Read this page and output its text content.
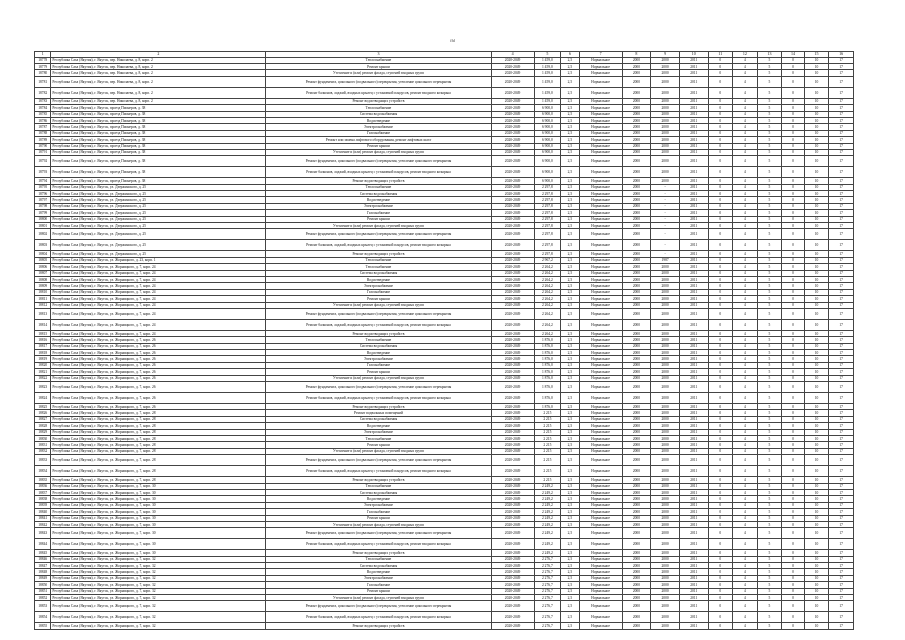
ffd
1	2	3	4	5	6	7	8	9	10	11	12	13	14	15	16
18778	Республика Саха (Якутия), г. Якутск, пер. Николаева, д. 8, корп. 2	Теплоснабжение	2020-2049	1 459,0	2,5	Нормальное	2000	2000	2011	0	4	5	0	10	17
18779	Республика Саха (Якутия), г. Якутск, пер. Николаева, д. 8, корп. 2	Ремонт крыши	2020-2049	1 459,0	2,5	Нормальное	2000	2000	2011	0	4	5	0	10	17
18780	Республика Саха (Якутия), г. Якутск, пер. Николаева, д. 8, корп. 2	Утепление и (или) ремонт фасада, ступеней входных групп	2020-2049	1 459,0	2,5	Нормальное	2000	2000	2011	0	4	5	0	10	17
18781	Республика Саха (Якутия), г. Якутск, пер. Николаева, д. 8, корп. 2	Ремонт фундамента, цокольного (подвального) перекрытия, утепление цокольного перекрытия	2020-2049	1 459,0	2,5	Нормальное	2000	2000	2011	0	4	5	0	10	17
18782	Республика Саха (Якутия), г. Якутск, пер. Николаева, д. 8, корп. 2	Ремонт балконов, лоджий, входных крылец с установкой пандусов, ремонт входного козырька	2020-2049	1 459,0	2,5	Нормальное	2000	2000	2011	0	4	5	0	10	17
18783	Республика Саха (Якутия), г. Якутск, пер. Николаева, д. 8, корп. 2	Ремонт водоотводящих устройств	2020-2049	1 459,0	2,5	Нормальное	2000	2000	2011	0	4	5	0	10	17
18784	Республика Саха (Якутия), г. Якутск, проезд Пионеров, д. 38	Теплоснабжение	2020-2049	6 900,0	2,5	Нормальное	2000	2000	2011	0	4	5	0	10	17
18785	Республика Саха (Якутия), г. Якутск, проезд Пионеров, д. 38	Система водоснабжения	2020-2049	6 900,0	2,5	Нормальное	2000	2000	2011	0	4	5	0	10	17
18786	Республика Саха (Якутия), г. Якутск, проезд Пионеров, д. 38	Водоотведение	2020-2049	6 900,0	2,5	Нормальное	2000	2000	2011	0	4	5	0	10	17
18787	Республика Саха (Якутия), г. Якутск, проезд Пионеров, д. 38	Электроснабжение	2020-2049	6 900,0	2,5	Нормальное	2000	2000	2011	0	4	5	0	10	17
18788	Республика Саха (Якутия), г. Якутск, проезд Пионеров, д. 38	Газоснабжение	2020-2049	6 900,0	2,5	Нормальное	2000	2000	2011	0	4	5	0	10	17
18789	Республика Саха (Якутия), г. Якутск, проезд Пионеров, д. 38	Ремонт или замена лифтового оборудования, ремонт лифтовых шахт	2020-2049	6 900,0	2,5	Нормальное	2000	2000	2011	0	4	5	0	10	17
18790	Республика Саха (Якутия), г. Якутск, проезд Пионеров, д. 38	Ремонт крыши	2020-2049	6 900,0	2,5	Нормальное	2000	2000	2011	0	4	5	0	10	17
18791	Республика Саха (Якутия), г. Якутск, проезд Пионеров, д. 38	Утепление и (или) ремонт фасада, ступеней входных групп	2020-2049	6 900,0	2,5	Нормальное	2000	2000	2011	0	4	5	0	10	17
18792	Республика Саха (Якутия), г. Якутск, проезд Пионеров, д. 38	Ремонт фундамента, цокольного (подвального) перекрытия, утепление цокольного перекрытия	2020-2049	6 900,0	2,5	Нормальное	2000	2000	2011	0	4	5	0	10	17
18793	Республика Саха (Якутия), г. Якутск, проезд Пионеров, д. 38	Ремонт балконов, лоджий, входных крылец с установкой пандусов, ремонт входного козырька	2020-2049	6 900,0	2,5	Нормальное	2000	2000	2011	0	4	5	0	10	17
18794	Республика Саха (Якутия), г. Якутск, проезд Пионеров, д. 38	Ремонт водоотводящих устройств	2020-2049	6 900,0	2,5	Нормальное	2000	2000	2011	0	4	5	0	10	17
18795	Республика Саха (Якутия), г. Якутск, ул. Дзержинского, д. 25	Теплоснабжение	2020-2049	2 297,8	2,5	Нормальное	2000	-	2011	0	4	5	0	10	17
18796	Республика Саха (Якутия), г. Якутск, ул. Дзержинского, д. 25	Система водоснабжения	2020-2049	2 297,8	2,5	Нормальное	2000	-	2011	0	4	5	0	10	17
18797	Республика Саха (Якутия), г. Якутск, ул. Дзержинского, д. 25	Водоотведение	2020-2049	2 297,8	2,5	Нормальное	2000	-	2011	0	4	5	0	10	17
18798	Республика Саха (Якутия), г. Якутск, ул. Дзержинского, д. 25	Электроснабжение	2020-2049	2 297,8	2,5	Нормальное	2000	-	2011	0	4	5	0	10	17
18799	Республика Саха (Якутия), г. Якутск, ул. Дзержинского, д. 25	Газоснабжение	2020-2049	2 297,8	2,5	Нормальное	2000	-	2011	0	4	5	0	10	17
18800	Республика Саха (Якутия), г. Якутск, ул. Дзержинского, д. 25	Ремонт крыши	2020-2049	2 297,8	2,5	Нормальное	2000	-	2011	0	4	5	0	10	17
18801	Республика Саха (Якутия), г. Якутск, ул. Дзержинского, д. 25	Утепление и (или) ремонт фасада, ступеней входных групп	2020-2049	2 297,8	2,5	Нормальное	2000	-	2011	0	4	5	0	10	17
18802	Республика Саха (Якутия), г. Якутск, ул. Дзержинского, д. 25	Ремонт фундамента, цокольного (подвального) перекрытия, утепление цокольного перекрытия	2020-2049	2 297,8	2,5	Нормальное	2000	-	2011	0	4	5	0	10	17
18803	Республика Саха (Якутия), г. Якутск, ул. Дзержинского, д. 25	Ремонт балконов, лоджий, входных крылец с установкой пандусов, ремонт входного козырька	2020-2049	2 297,8	2,5	Нормальное	2000	-	2011	0	4	5	0	10	17
18804	Республика Саха (Якутия), г. Якутск, ул. Дзержинского, д. 25	Ремонт водоотводящих устройств	2020-2049	2 297,8	2,5	Нормальное	2000	-	2011	0	4	5	0	10	17
18805	Республика Саха (Якутия), г. Якутск, ул. Жорницкого, д. 23, корп. 1	Теплоснабжение	2020-2049	2 967,2	2,5	Нормальное	2000	1987	2011	0	4	5	0	10	17
18806	Республика Саха (Якутия), г. Якутск, ул. Жорницкого, д. 7, корп. 24	Теплоснабжение	2020-2049	2 264,2	2,5	Нормальное	2000	2000	2011	0	4	5	0	10	17
18807	Республика Саха (Якутия), г. Якутск, ул. Жорницкого, д. 7, корп. 24	Система водоснабжения	2020-2049	2 264,2	2,5	Нормальное	2000	2000	2011	0	4	5	0	10	17
18808	Республика Саха (Якутия), г. Якутск, ул. Жорницкого, д. 7, корп. 24	Водоотведение	2020-2049	2 264,2	2,5	Нормальное	2000	2000	2011	0	4	5	0	10	17
18809	Республика Саха (Якутия), г. Якутск, ул. Жорницкого, д. 7, корп. 24	Электроснабжение	2020-2049	2 264,2	2,5	Нормальное	2000	2000	2011	0	4	5	0	10	17
18810	Республика Саха (Якутия), г. Якутск, ул. Жорницкого, д. 7, корп. 24	Газоснабжение	2020-2049	2 264,2	2,5	Нормальное	2000	2000	2011	0	4	5	0	10	17
18811	Республика Саха (Якутия), г. Якутск, ул. Жорницкого, д. 7, корп. 24	Ремонт крыши	2020-2049	2 264,2	2,5	Нормальное	2000	2000	2011	0	4	5	0	10	17
18812	Республика Саха (Якутия), г. Якутск, ул. Жорницкого, д. 7, корп. 24	Утепление и (или) ремонт фасада, ступеней входных групп	2020-2049	2 264,2	2,5	Нормальное	2000	2000	2011	0	4	5	0	10	17
18813	Республика Саха (Якутия), г. Якутск, ул. Жорницкого, д. 7, корп. 24	Ремонт фундамента, цокольного (подвального) перекрытия, утепление цокольного перекрытия	2020-2049	2 264,2	2,5	Нормальное	2000	2000	2011	0	4	5	0	10	17
18814	Республика Саха (Якутия), г. Якутск, ул. Жорницкого, д. 7, корп. 24	Ремонт балконов, лоджий, входных крылец с установкой пандусов, ремонт входного козырька	2020-2049	2 264,2	2,5	Нормальное	2000	2000	2011	0	4	5	0	10	17
18815	Республика Саха (Якутия), г. Якутск, ул. Жорницкого, д. 7, корп. 24	Ремонт водоотводящих устройств	2020-2049	2 264,2	2,5	Нормальное	2000	2000	2011	0	4	5	0	10	17
18816	Республика Саха (Якутия), г. Якутск, ул. Жорницкого, д. 7, корп. 26	Теплоснабжение	2020-2049	1 876,0	2,5	Нормальное	2000	2000	2011	0	4	5	0	10	17
18817	Республика Саха (Якутия), г. Якутск, ул. Жорницкого, д. 7, корп. 26	Система водоснабжения	2020-2049	1 876,0	2,5	Нормальное	2000	2000	2011	0	4	5	0	10	17
18818	Республика Саха (Якутия), г. Якутск, ул. Жорницкого, д. 7, корп. 26	Водоотведение	2020-2049	1 876,0	2,5	Нормальное	2000	2000	2011	0	4	5	0	10	17
18819	Республика Саха (Якутия), г. Якутск, ул. Жорницкого, д. 7, корп. 26	Электроснабжение	2020-2049	1 876,0	2,5	Нормальное	2000	2000	2011	0	4	5	0	10	17
18820	Республика Саха (Якутия), г. Якутск, ул. Жорницкого, д. 7, корп. 26	Газоснабжение	2020-2049	1 876,0	2,5	Нормальное	2000	2000	2011	0	4	5	0	10	17
18821	Республика Саха (Якутия), г. Якутск, ул. Жорницкого, д. 7, корп. 26	Ремонт крыши	2020-2049	1 876,0	2,5	Нормальное	2000	2000	2011	0	4	5	0	10	17
18822	Республика Саха (Якутия), г. Якутск, ул. Жорницкого, д. 7, корп. 26	Утепление и (или) ремонт фасада, ступеней входных групп	2020-2049	1 876,0	2,5	Нормальное	2000	2000	2011	0	4	5	0	10	17
18823	Республика Саха (Якутия), г. Якутск, ул. Жорницкого, д. 7, корп. 26	Ремонт фундамента, цокольного (подвального) перекрытия, утепление цокольного перекрытия	2020-2049	1 876,0	2,5	Нормальное	2000	2000	2011	0	4	5	0	10	17
18824	Республика Саха (Якутия), г. Якутск, ул. Жорницкого, д. 7, корп. 26	Ремонт балконов, лоджий, входных крылец с установкой пандусов, ремонт входного козырька	2020-2049	1 876,0	2,5	Нормальное	2000	2000	2011	0	4	5	0	10	17
18825	Республика Саха (Якутия), г. Якутск, ул. Жорницкого, д. 7, корп. 26	Ремонт водоотводящих устройств	2020-2049	1 876,0	2,5	Нормальное	2000	2000	2011	0	4	5	0	10	17
18826	Республика Саха (Якутия), г. Якутск, ул. Жорницкого, д. 7, корп. 28	Ремонт подвальных помещений	2020-2049	2 215	2,5	Нормальное	2000	2000	2011	0	4	5	0	10	17
18827	Республика Саха (Якутия), г. Якутск, ул. Жорницкого, д. 7, корп. 28	Система водоснабжения	2020-2049	2 215	2,5	Нормальное	2000	2000	2011	0	4	5	0	10	17
18828	Республика Саха (Якутия), г. Якутск, ул. Жорницкого, д. 7, корп. 28	Водоотведение	2020-2049	2 215	2,5	Нормальное	2000	2000	2011	0	4	5	0	10	17
18829	Республика Саха (Якутия), г. Якутск, ул. Жорницкого, д. 7, корп. 28	Электроснабжение	2020-2049	2 215	2,5	Нормальное	2000	2000	2011	0	4	5	0	10	17
18830	Республика Саха (Якутия), г. Якутск, ул. Жорницкого, д. 7, корп. 28	Теплоснабжение	2020-2049	2 215	2,5	Нормальное	2000	2000	2011	0	4	5	0	10	17
18831	Республика Саха (Якутия), г. Якутск, ул. Жорницкого, д. 7, корп. 28	Ремонт крыши	2020-2049	2 215	2,5	Нормальное	2000	2000	2011	0	4	5	0	10	17
18832	Республика Саха (Якутия), г. Якутск, ул. Жорницкого, д. 7, корп. 28	Утепление и (или) ремонт фасада, ступеней входных групп	2020-2049	2 215	2,5	Нормальное	2000	2000	2011	0	4	5	0	10	17
18833	Республика Саха (Якутия), г. Якутск, ул. Жорницкого, д. 7, корп. 28	Ремонт фундамента, цокольного (подвального) перекрытия, утепление цокольного перекрытия	2020-2049	2 215	2,5	Нормальное	2000	2000	2011	0	4	5	0	10	17
18834	Республика Саха (Якутия), г. Якутск, ул. Жорницкого, д. 7, корп. 28	Ремонт балконов, лоджий, входных крылец с установкой пандусов, ремонт входного козырька	2020-2049	2 215	2,5	Нормальное	2000	2000	2011	0	4	5	0	10	17
18835	Республика Саха (Якутия), г. Якутск, ул. Жорницкого, д. 7, корп. 28	Ремонт водоотводящих устройств	2020-2049	2 215	2,5	Нормальное	2000	2000	2011	0	4	5	0	10	17
18836	Республика Саха (Якутия), г. Якутск, ул. Жорницкого, д. 7, корп. 30	Теплоснабжение	2020-2049	2 249,2	2,5	Нормальное	2000	2000	2011	0	4	5	0	10	17
18837	Республика Саха (Якутия), г. Якутск, ул. Жорницкого, д. 7, корп. 30	Система водоснабжения	2020-2049	2 249,2	2,5	Нормальное	2000	2000	2011	0	4	5	0	10	17
18838	Республика Саха (Якутия), г. Якутск, ул. Жорницкого, д. 7, корп. 30	Водоотведение	2020-2049	2 249,2	2,5	Нормальное	2000	2000	2011	0	4	5	0	10	17
18839	Республика Саха (Якутия), г. Якутск, ул. Жорницкого, д. 7, корп. 30	Электроснабжение	2020-2049	2 249,2	2,5	Нормальное	2000	2000	2011	0	4	5	0	10	17
18840	Республика Саха (Якутия), г. Якутск, ул. Жорницкого, д. 7, корп. 30	Газоснабжение	2020-2049	2 249,2	2,5	Нормальное	2000	2000	2011	0	4	5	0	10	17
18841	Республика Саха (Якутия), г. Якутск, ул. Жорницкого, д. 7, корп. 30	Ремонт крыши	2020-2049	2 249,2	2,5	Нормальное	2000	2000	2011	0	4	5	0	10	17
18842	Республика Саха (Якутия), г. Якутск, ул. Жорницкого, д. 7, корп. 30	Утепление и (или) ремонт фасада, ступеней входных групп	2020-2049	2 249,2	2,5	Нормальное	2000	2000	2011	0	4	5	0	10	17
18843	Республика Саха (Якутия), г. Якутск, ул. Жорницкого, д. 7, корп. 30	Ремонт фундамента, цокольного (подвального) перекрытия, утепление цокольного перекрытия	2020-2049	2 249,2	2,5	Нормальное	2000	2000	2011	0	4	5	0	10	17
18844	Республика Саха (Якутия), г. Якутск, ул. Жорницкого, д. 7, корп. 30	Ремонт балконов, лоджий, входных крылец с установкой пандусов, ремонт входного козырька	2020-2049	2 249,2	2,5	Нормальное	2000	2000	2011	0	4	5	0	10	17
18845	Республика Саха (Якутия), г. Якутск, ул. Жорницкого, д. 7, корп. 30	Ремонт водоотводящих устройств	2020-2049	2 249,2	2,5	Нормальное	2000	2000	2011	0	4	5	0	10	17
18846	Республика Саха (Якутия), г. Якутск, ул. Жорницкого, д. 7, корп. 32	Теплоснабжение	2020-2049	2 276,7	2,5	Нормальное	2000	2000	2011	0	4	5	0	10	17
18847	Республика Саха (Якутия), г. Якутск, ул. Жорницкого, д. 7, корп. 32	Система водоснабжения	2020-2049	2 276,7	2,5	Нормальное	2000	2000	2011	0	4	5	0	10	17
18848	Республика Саха (Якутия), г. Якутск, ул. Жорницкого, д. 7, корп. 32	Водоотведение	2020-2049	2 276,7	2,5	Нормальное	2000	2000	2011	0	4	5	0	10	17
18849	Республика Саха (Якутия), г. Якутск, ул. Жорницкого, д. 7, корп. 32	Электроснабжение	2020-2049	2 276,7	2,5	Нормальное	2000	2000	2011	0	4	5	0	10	17
18850	Республика Саха (Якутия), г. Якутск, ул. Жорницкого, д. 7, корп. 32	Газоснабжение	2020-2049	2 276,7	2,5	Нормальное	2000	2000	2011	0	4	5	0	10	17
18851	Республика Саха (Якутия), г. Якутск, ул. Жорницкого, д. 7, корп. 32	Ремонт крыши	2020-2049	2 276,7	2,5	Нормальное	2000	2000	2011	0	4	5	0	10	17
18852	Республика Саха (Якутия), г. Якутск, ул. Жорницкого, д. 7, корп. 32	Утепление и (или) ремонт фасада, ступеней входных групп	2020-2049	2 276,7	2,5	Нормальное	2000	2000	2011	0	4	5	0	10	17
18853	Республика Саха (Якутия), г. Якутск, ул. Жорницкого, д. 7, корп. 32	Ремонт фундамента, цокольного (подвального) перекрытия, утепление цокольного перекрытия	2020-2049	2 276,7	2,5	Нормальное	2000	2000	2011	0	4	5	0	10	17
18854	Республика Саха (Якутия), г. Якутск, ул. Жорницкого, д. 7, корп. 32	Ремонт балконов, лоджий, входных крылец с установкой пандусов, ремонт входного козырька	2020-2049	2 276,7	2,5	Нормальное	2000	2000	2011	0	4	5	0	10	17
18855	Республика Саха (Якутия), г. Якутск, ул. Жорницкого, д. 7, корп. 32	Ремонт водоотводящих устройств	2020-2049	2 276,7	2,5	Нормальное	2000	2000	2011	0	4	5	0	10	17
